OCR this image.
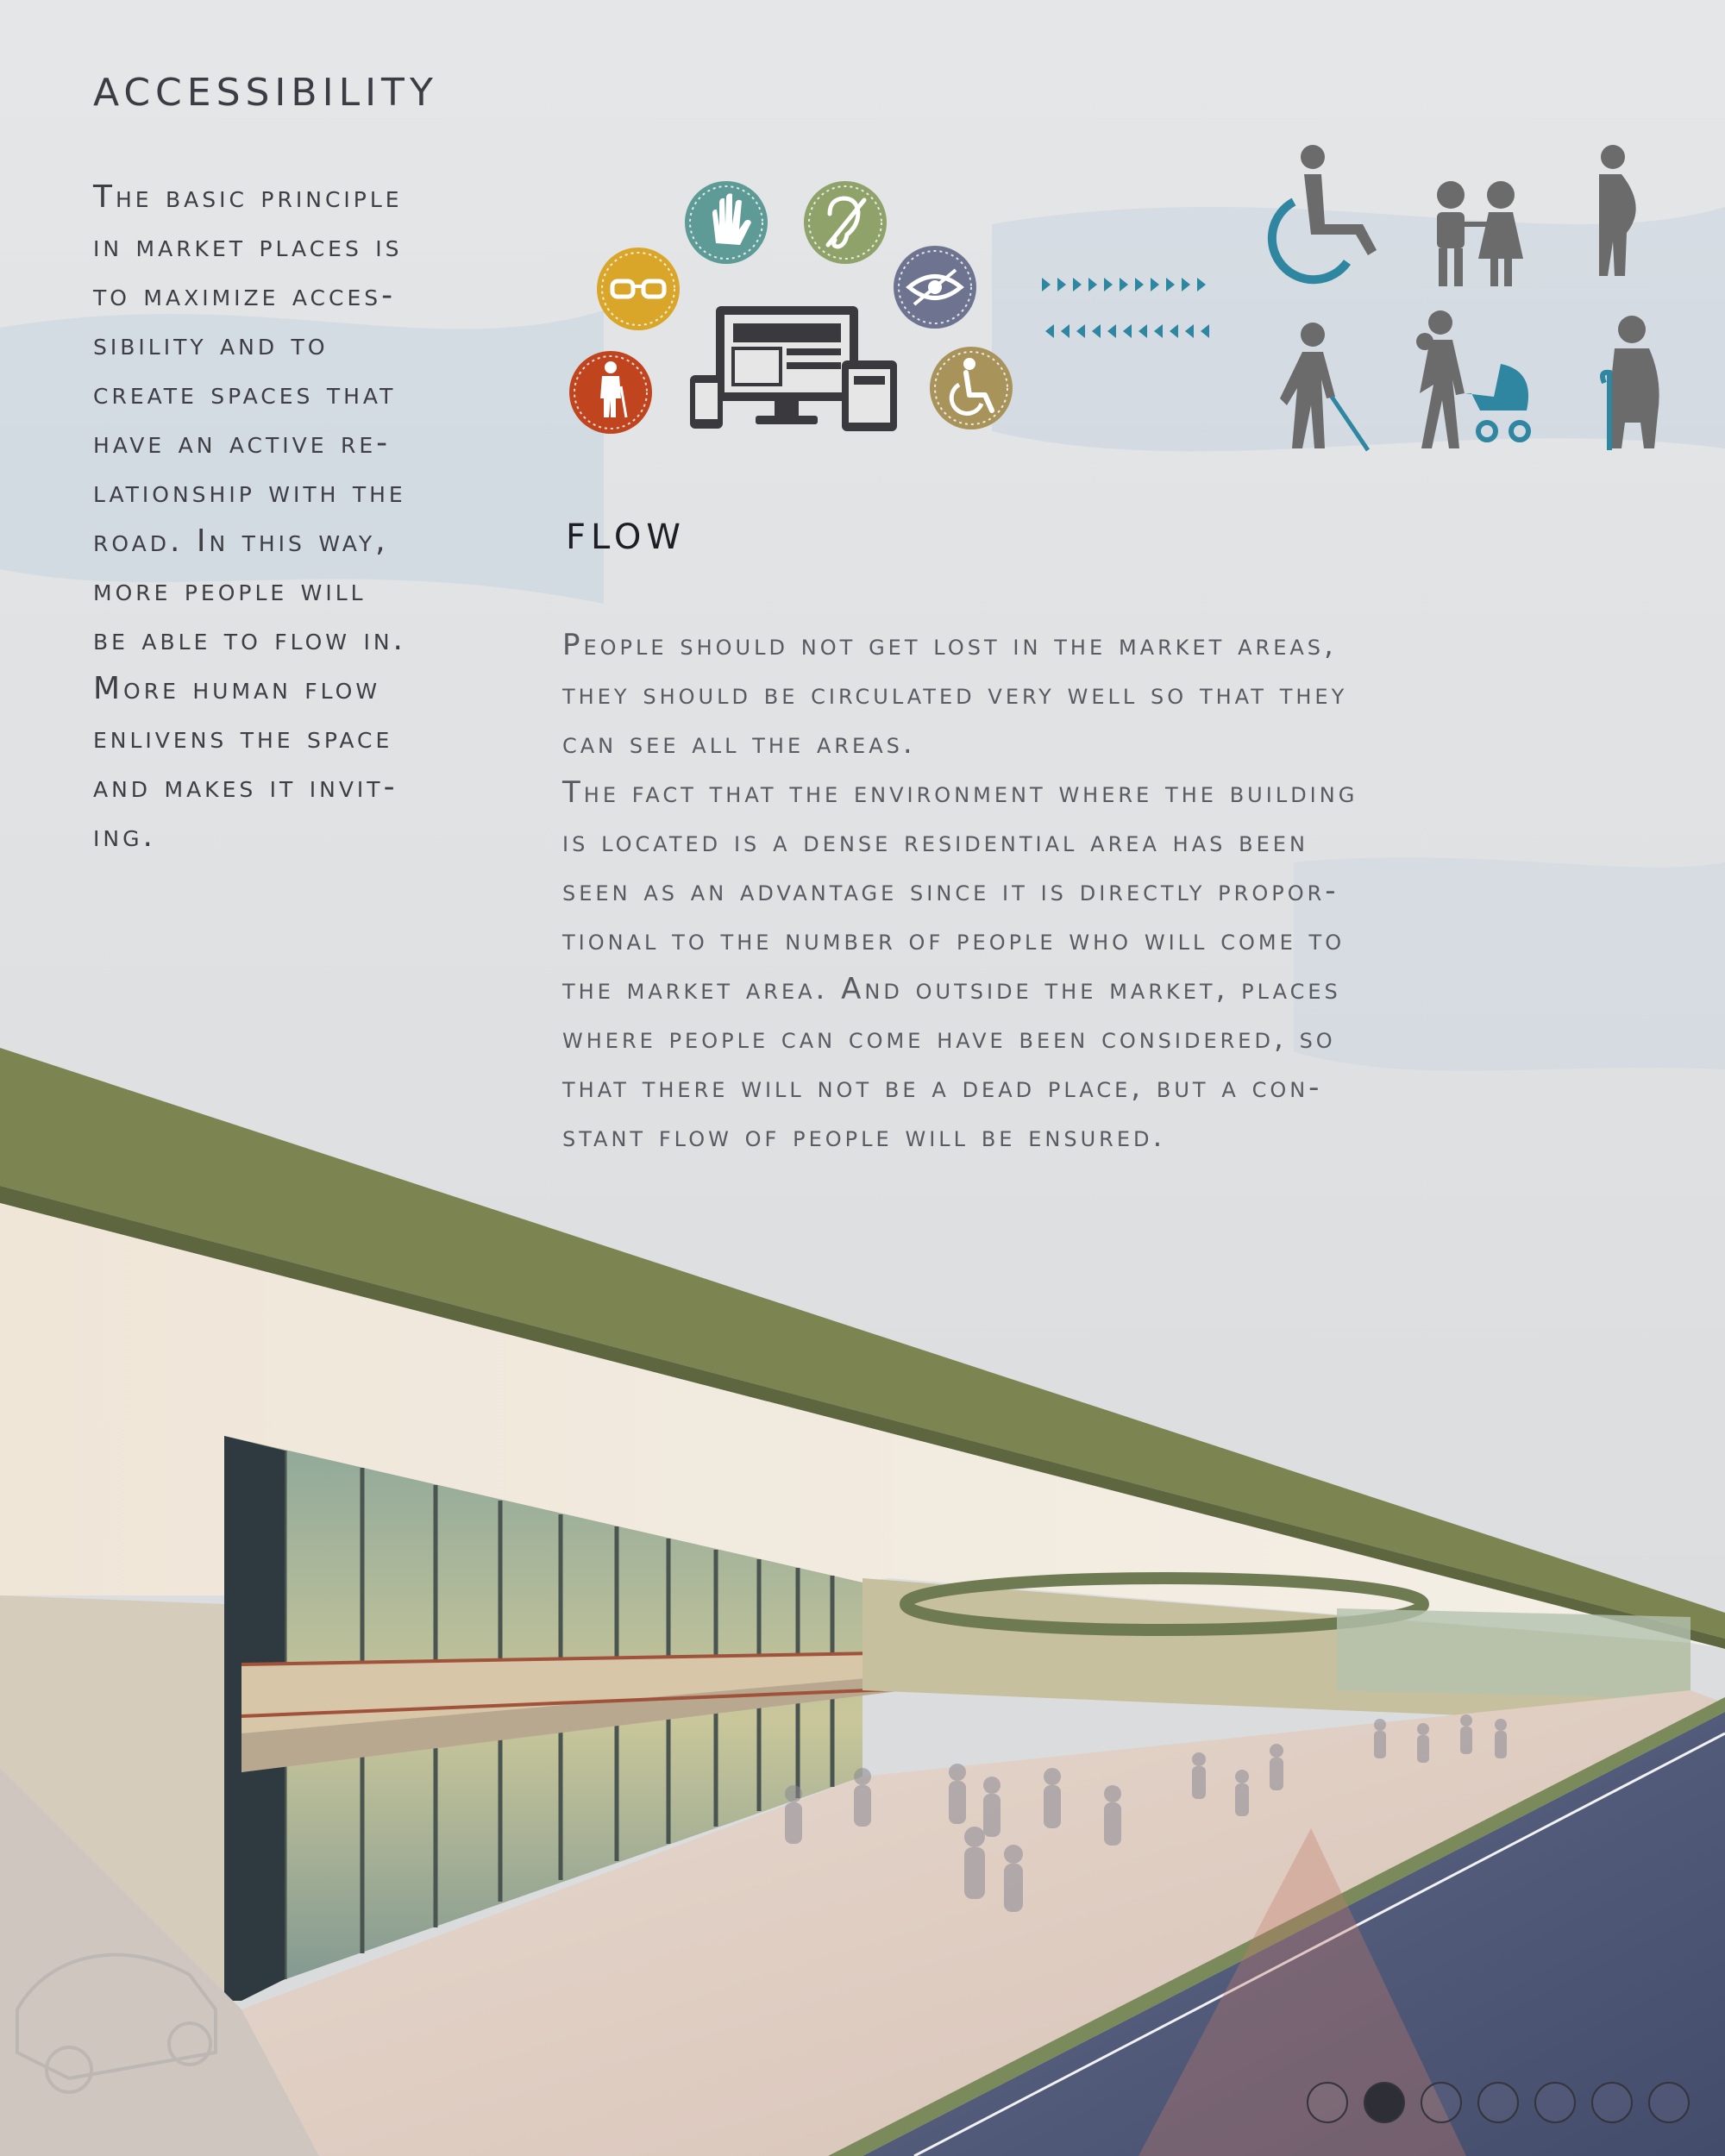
ACCESSIBILITY

The basic principle

in market places is

to maximize acces-

sibility and to

create spaces that

have an active re-

lationship with the

road. In this way,

more people will

be able to flow in.

More human flow

enlivens the space

and makes it invit-

ing.

FLOW

People should not get lost in the market areas,

they should be circulated very well so that they

can see all the areas.

The fact that the environment where the building

is located is a dense residential area has been

seen as an advantage since it is directly propor-

tional to the number of people who will come to

the market area. And outside the market, places

where people can come have been considered, so

that there will not be a dead place, but a con-

stant flow of people will be ensured.
